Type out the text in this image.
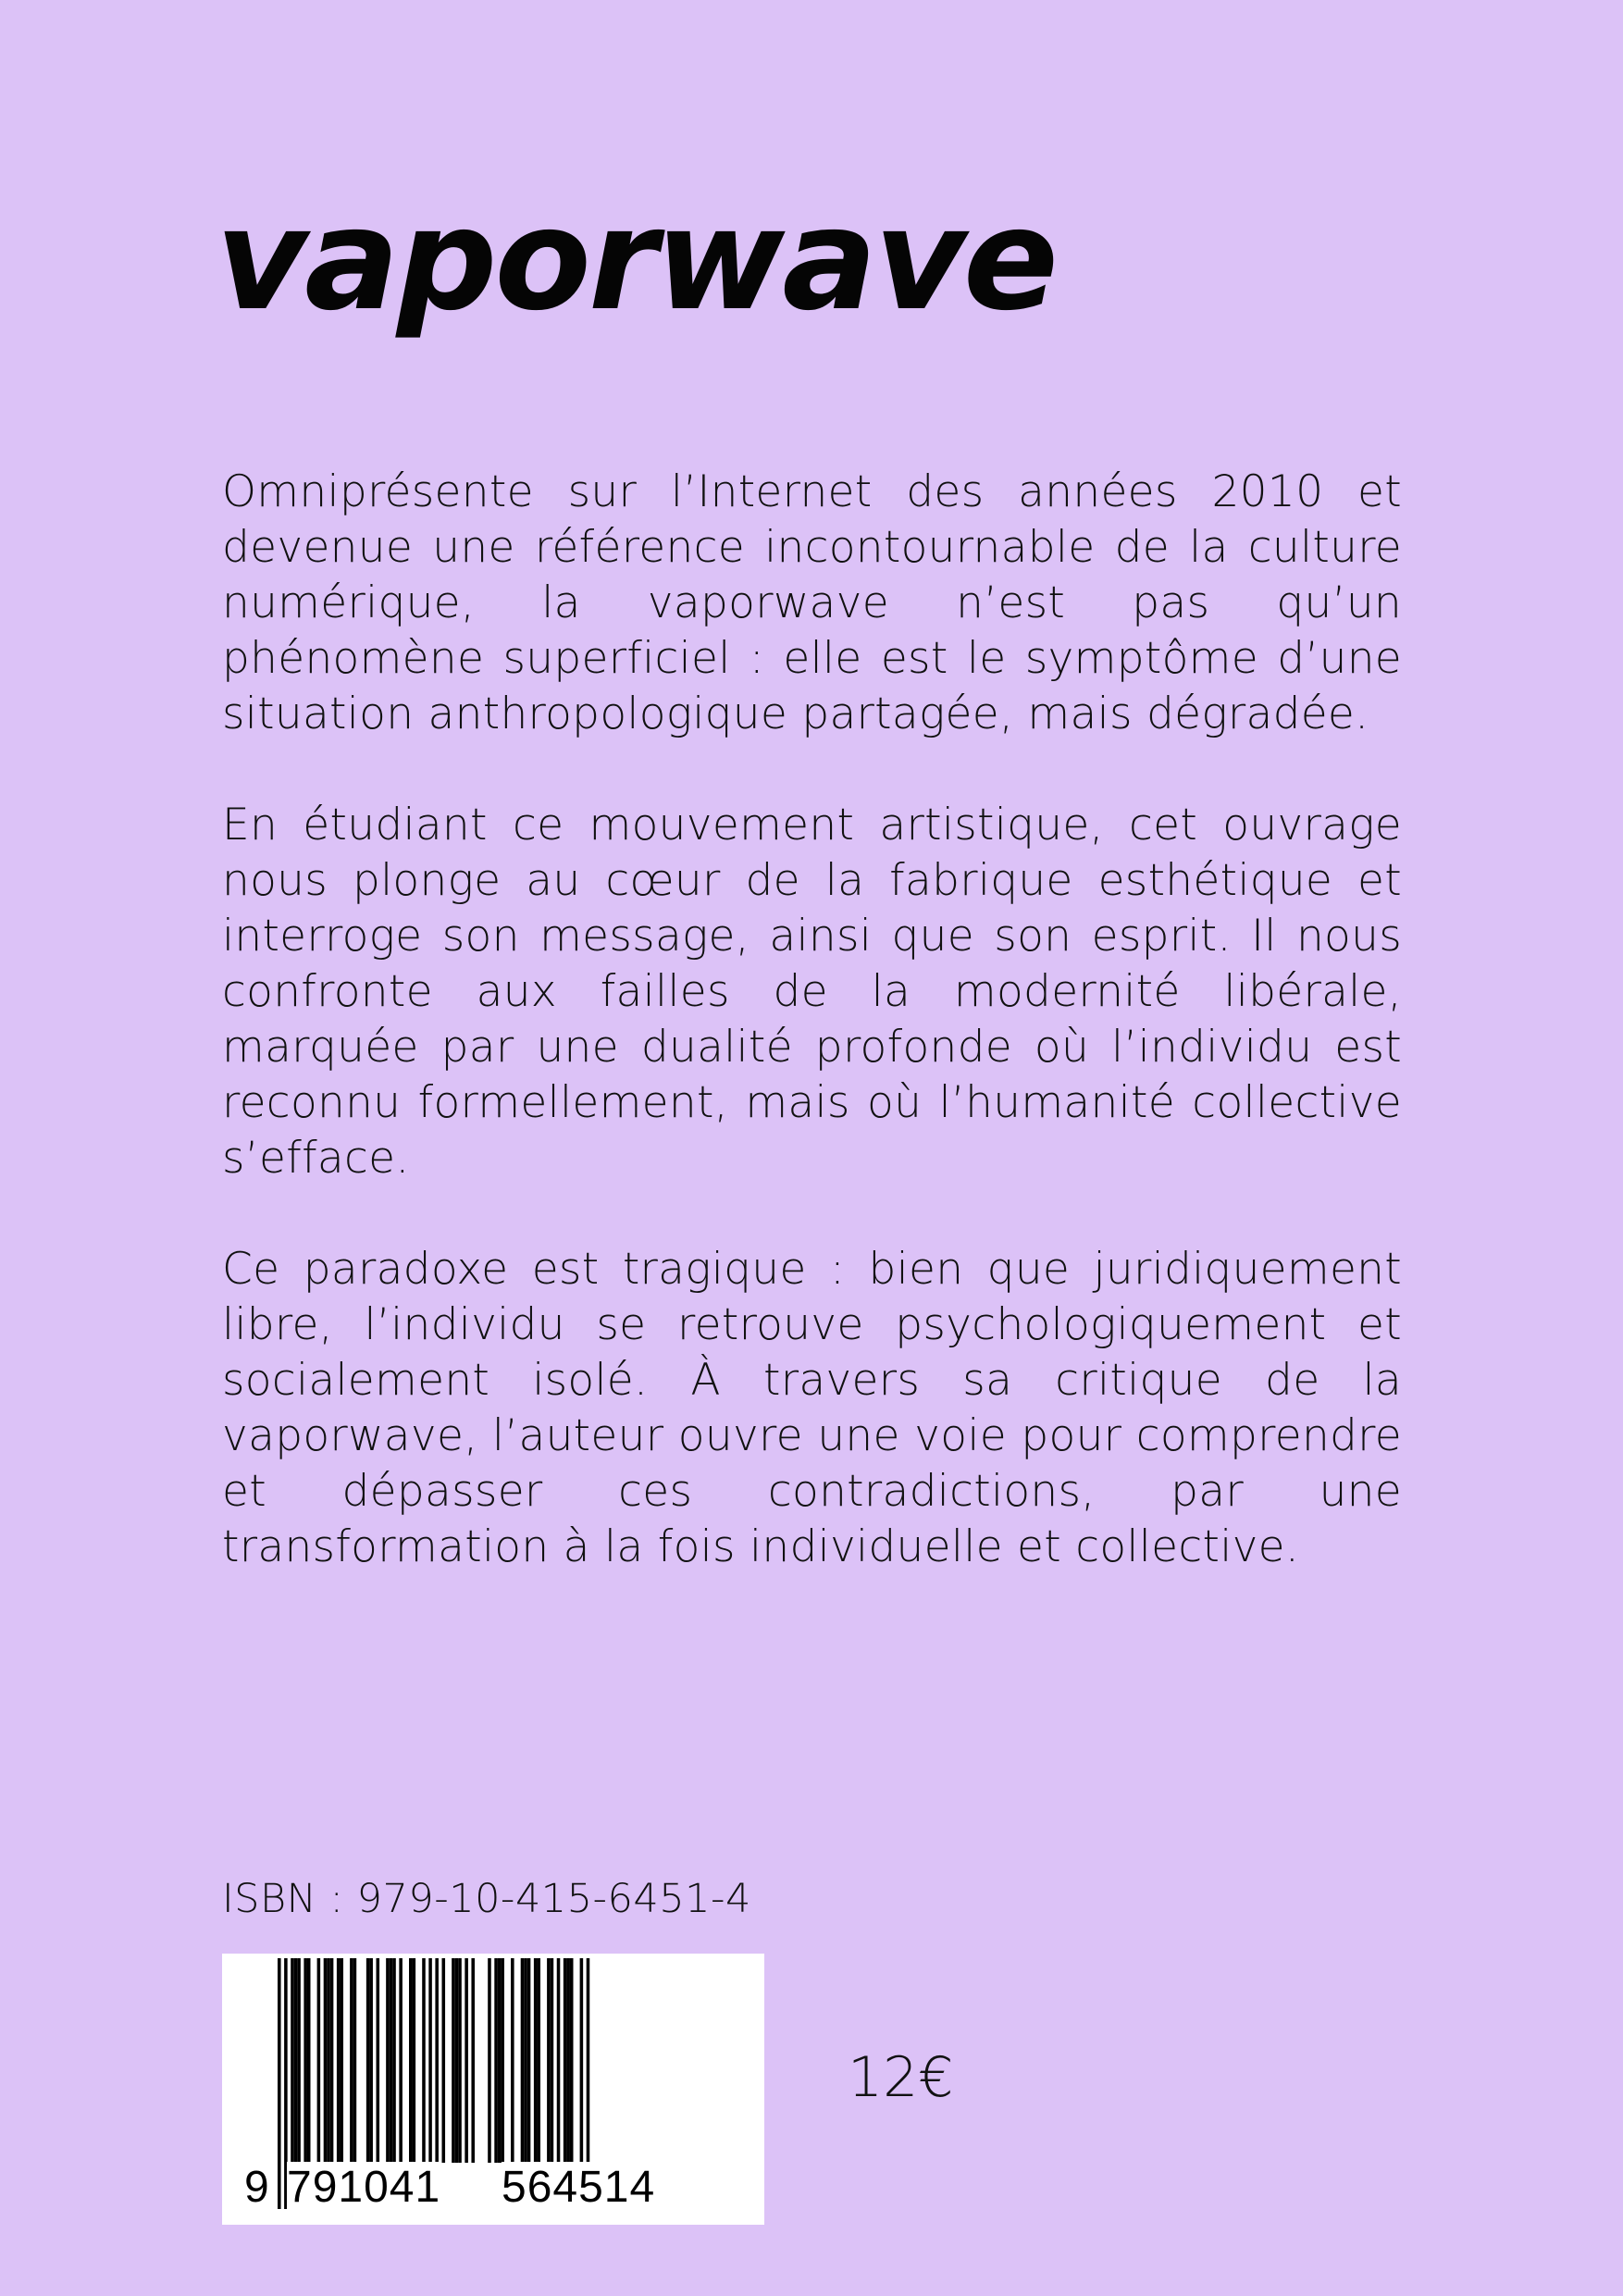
vaporwave

Omniprésente sur l’Internet des années 2010 et devenue une référence incontournable de la culture numérique, la vaporwave n’est pas qu’un phénomène superficiel : elle est le symptôme d’une situation anthropologique partagée, mais dégradée.

En étudiant ce mouvement artistique, cet ouvrage nous plonge au cœur de la fabrique esthétique et interroge son message, ainsi que son esprit. Il nous confronte aux failles de la modernité libérale, marquée par une dualité profonde où l’individu est reconnu formellement, mais où l’humanité collective s’efface.

Ce paradoxe est tragique : bien que juridiquement libre, l’individu se retrouve psychologiquement et socialement isolé. À travers sa critique de la vaporwave, l’auteur ouvre une voie pour comprendre et dépasser ces contradictions, par une transformation à la fois individuelle et collective.

ISBN : 979-10-415-6451-4
9 791041 564514
12€
